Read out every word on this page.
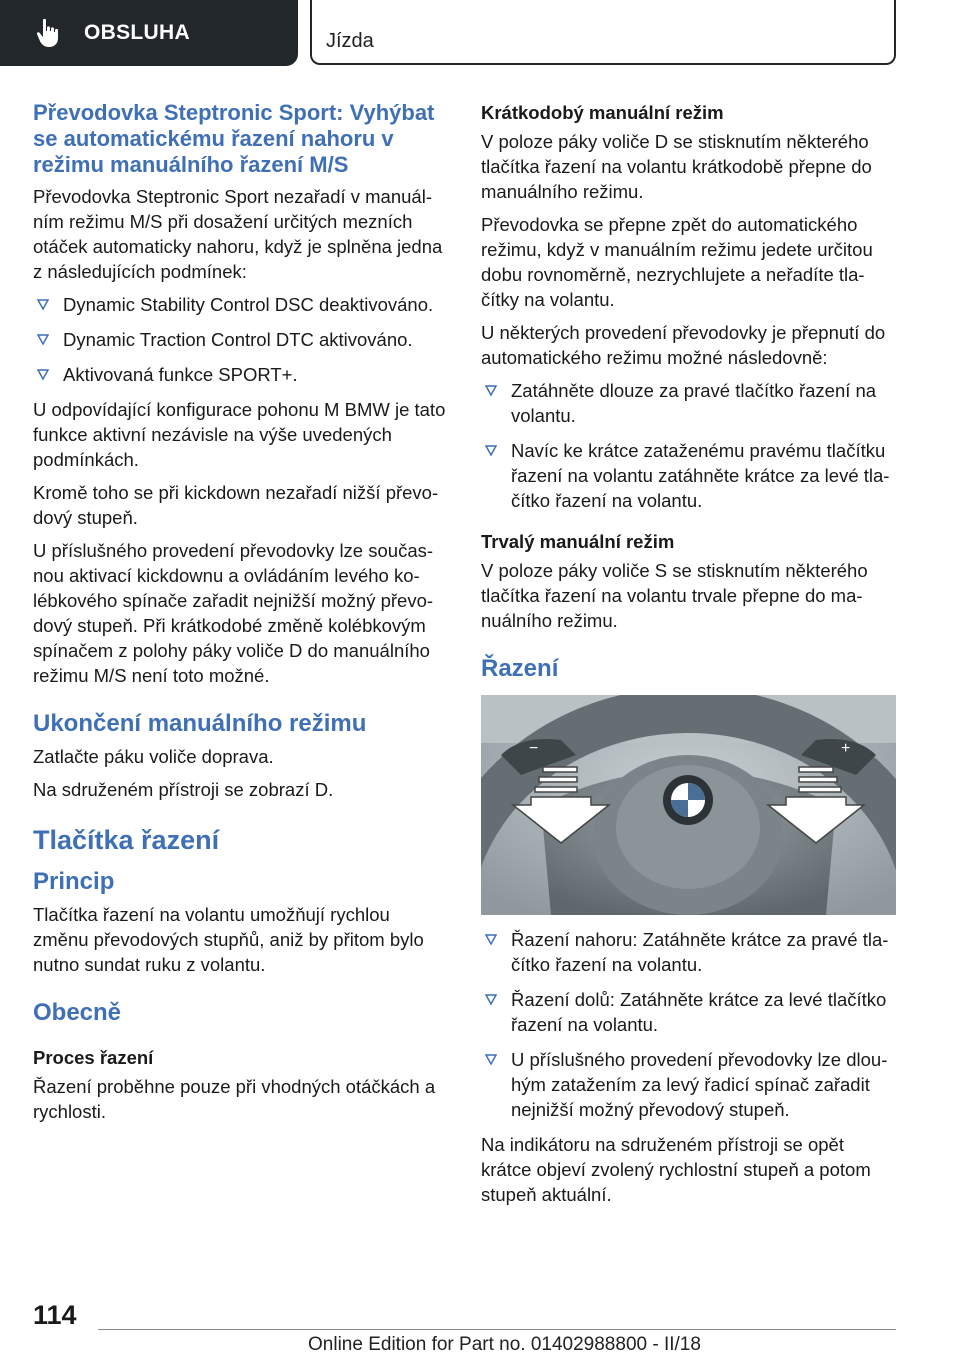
OBSLUHA	Jízda
Převodovka Steptronic Sport: Vyhýbat se automatickému řazení nahoru v režimu manuálního řazení M/S

Převodovka Steptronic Sport nezařadí v manuál-ním režimu M/S při dosažení určitých mezních otáček automaticky nahoru, když je splněna jedna z následujících podmínek:

Dynamic Stability Control DSC deaktivováno.
Dynamic Traction Control DTC aktivováno.
Aktivovaná funkce SPORT+.

U odpovídající konfigurace pohonu M BMW je tato funkce aktivní nezávisle na výše uvedených podmínkách.

Kromě toho se při kickdown nezařadí nižší převo-dový stupeň.

U příslušného provedení převodovky lze součas-nou aktivací kickdownu a ovládáním levého ko-lébkového spínače zařadit nejnižší možný převo-dový stupeň. Při krátkodobé změně kolébkovým spínačem z polohy páky voliče D do manuálního režimu M/S není toto možné.

Ukončení manuálního režimu

Zatlačte páku voliče doprava.

Na sdruženém přístroji se zobrazí D.

Tlačítka řazení
Princip

Tlačítka řazení na volantu umožňují rychlou změnu převodových stupňů, aniž by přitom bylo nutno sundat ruku z volantu.

Obecně
Proces řazení

Řazení proběhne pouze při vhodných otáčkách a rychlosti.

Krátkodobý manuální režim

V poloze páky voliče D se stisknutím některého tlačítka řazení na volantu krátkodobě přepne do manuálního režimu.

Převodovka se přepne zpět do automatického režimu, když v manuálním režimu jedete určitou dobu rovnoměrně, nezrychlujete a neřadíte tla-čítky na volantu.

U některých provedení převodovky je přepnutí do automatického režimu možné následovně:

Zatáhněte dlouze za pravé tlačítko řazení na volantu.
Navíc ke krátce zataženému pravému tlačítku řazení na volantu zatáhněte krátce za levé tla-čítko řazení na volantu.
Trvalý manuální režim

V poloze páky voliče S se stisknutím některého tlačítka řazení na volantu trvale přepne do ma-nuálního režimu.

Řazení
−	+
Řazení nahoru: Zatáhněte krátce za pravé tla-čítko řazení na volantu.
Řazení dolů: Zatáhněte krátce za levé tlačítko řazení na volantu.
U příslušného provedení převodovky lze dlou-hým zatažením za levý řadicí spínač zařadit nejnižší možný převodový stupeň.

Na indikátoru na sdruženém přístroji se opět krátce objeví zvolený rychlostní stupeň a potom stupeň aktuální.

114
Online Edition for Part no. 01402988800 - II/18
